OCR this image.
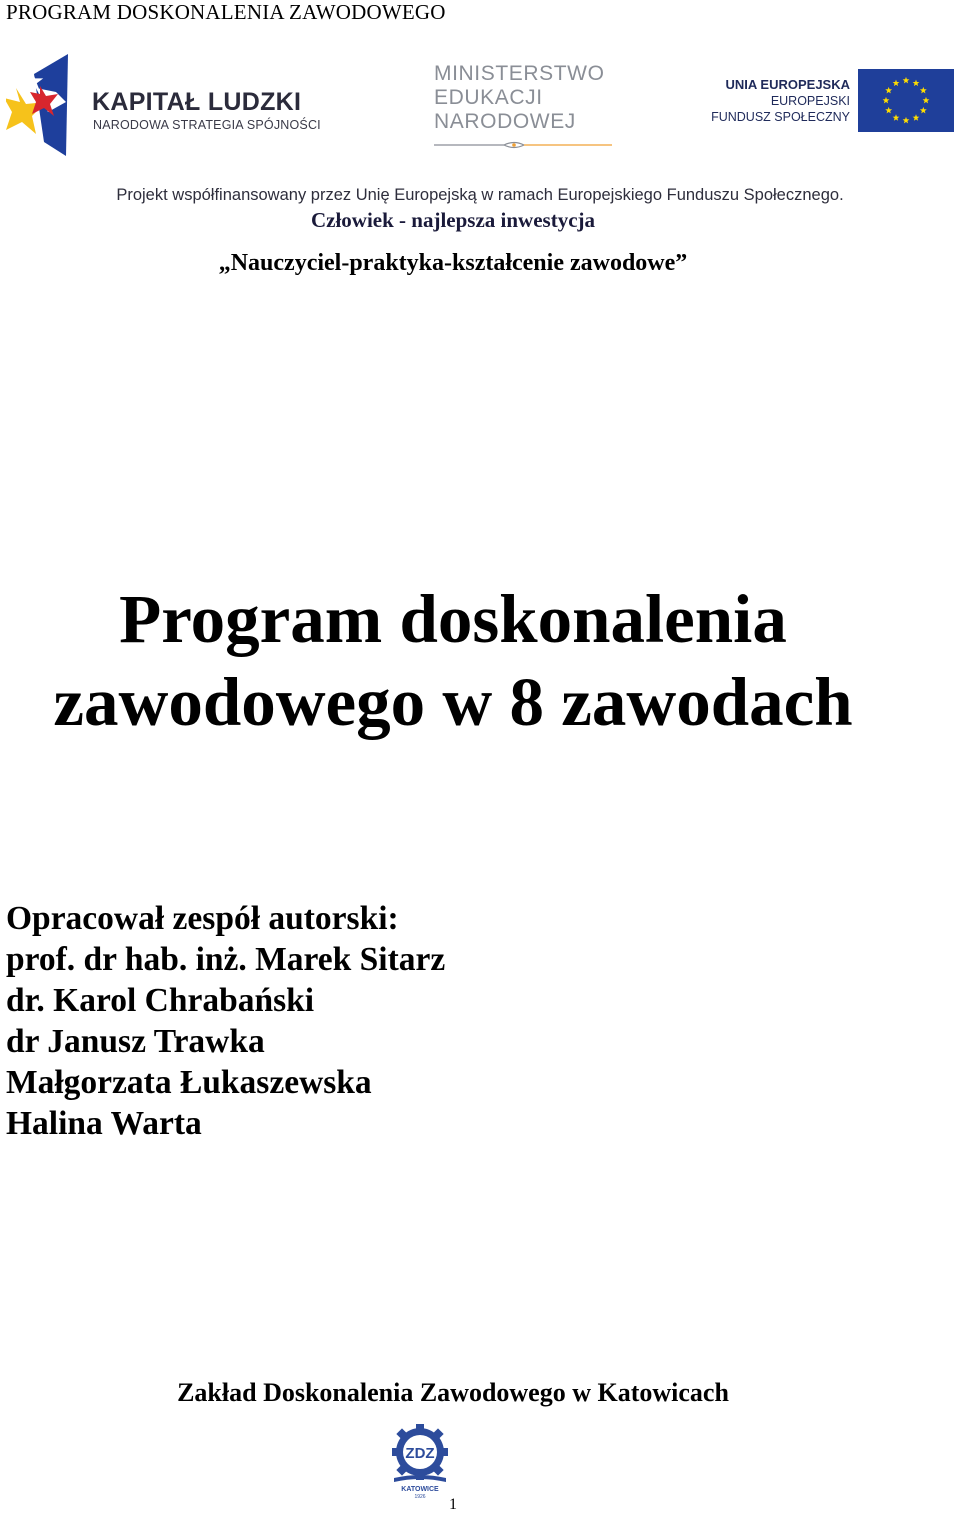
PROGRAM DOSKONALENIA ZAWODOWEGO
KAPITAŁ LUDZKI
NARODOWA STRATEGIA SPÓJNOŚCI
MINISTERSTWO
EDUKACJI
NARODOWEJ
UNIA EUROPEJSKA
EUROPEJSKI
FUNDUSZ SPOŁECZNY
Projekt współfinansowany przez Unię Europejską w ramach Europejskiego Funduszu Społecznego.
Człowiek - najlepsza inwestycja
„Nauczyciel-praktyka-kształcenie zawodowe”
Program doskonalenia
zawodowego w 8 zawodach
Opracował zespół autorski:
prof. dr hab. inż. Marek Sitarz
dr. Karol Chrabański
dr Janusz Trawka
Małgorzata Łukaszewska
Halina Warta
Zakład Doskonalenia Zawodowego w Katowicach
ZDZ
KATOWICE
1926 1
